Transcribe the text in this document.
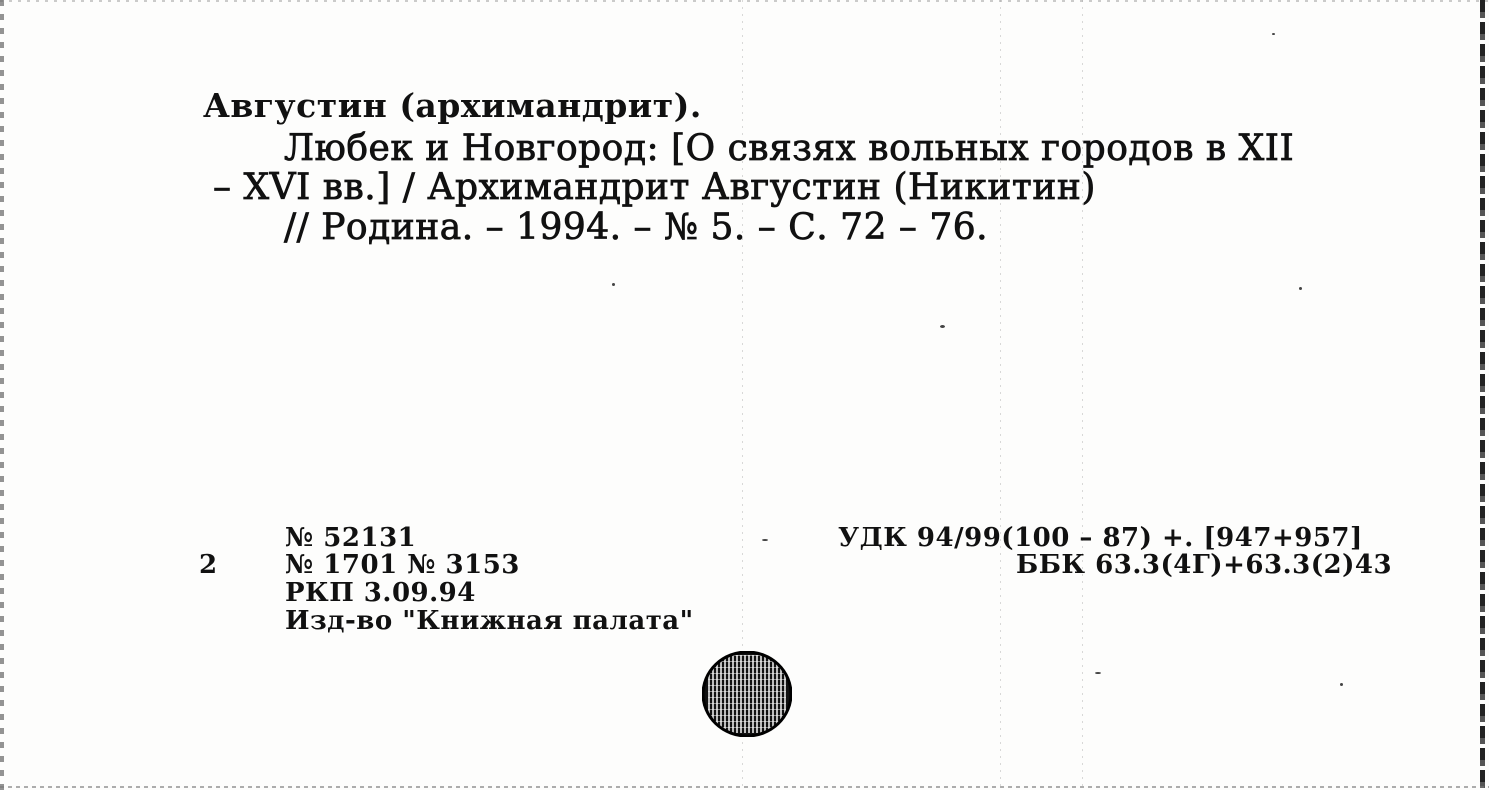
Августин (архимандрит).
Любек и Новгород: [О связях вольных городов в XII
– XVI вв.] / Архимандрит Августин (Никитин)
// Родина. – 1994. – № 5. – С. 72 – 76.
№ 52131
2	№ 1701 № 3153
РКП 3.09.94
Изд-во "Книжная палата"
УДК 94/99(100 – 87) +. [947+957]
ББК 63.3(4Г)+63.3(2)43
